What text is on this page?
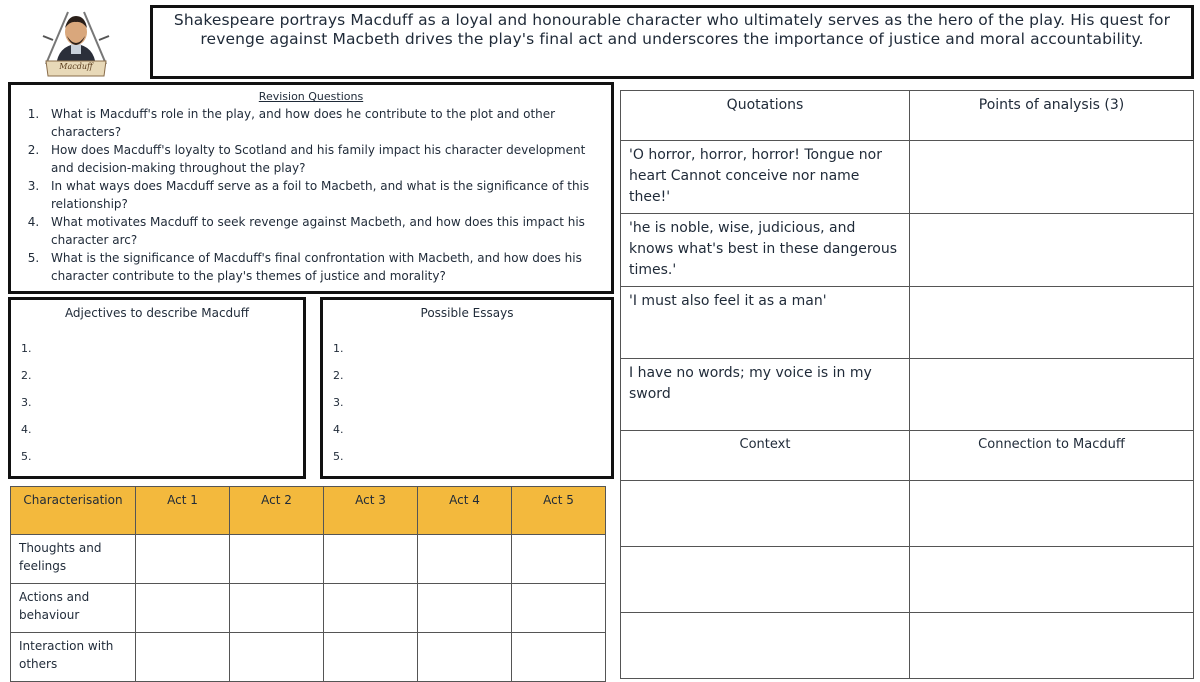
Macduff
Shakespeare portrays Macduff as a loyal and honourable character who ultimately serves as the hero of the play. His quest for revenge against Macbeth drives the play's final act and underscores the importance of justice and moral accountability.
Revision Questions
1. What is Macduff's role in the play, and how does he contribute to the plot and other characters?
2. How does Macduff's loyalty to Scotland and his family impact his character development and decision-making throughout the play?
3. In what ways does Macduff serve as a foil to Macbeth, and what is the significance of this relationship?
4. What motivates Macduff to seek revenge against Macbeth, and how does this impact his character arc?
5. What is the significance of Macduff's final confrontation with Macbeth, and how does his character contribute to the play's themes of justice and morality?
Adjectives to describe Macduff
1.
2.
3.
4.
5.
Possible Essays
1.
2.
3.
4.
5.
Characterisation	Act 1	Act 2	Act 3	Act 4	Act 5
Thoughts and feelings					
Actions and behaviour					
Interaction with others					
Quotations	Points of analysis (3)
'O horror, horror, horror! Tongue nor heart Cannot conceive nor name thee!'	
'he is noble, wise, judicious, and knows what's best in these dangerous times.'	
'I must also feel it as a man'	
I have no words; my voice is in my sword	
Context	Connection to Macduff
